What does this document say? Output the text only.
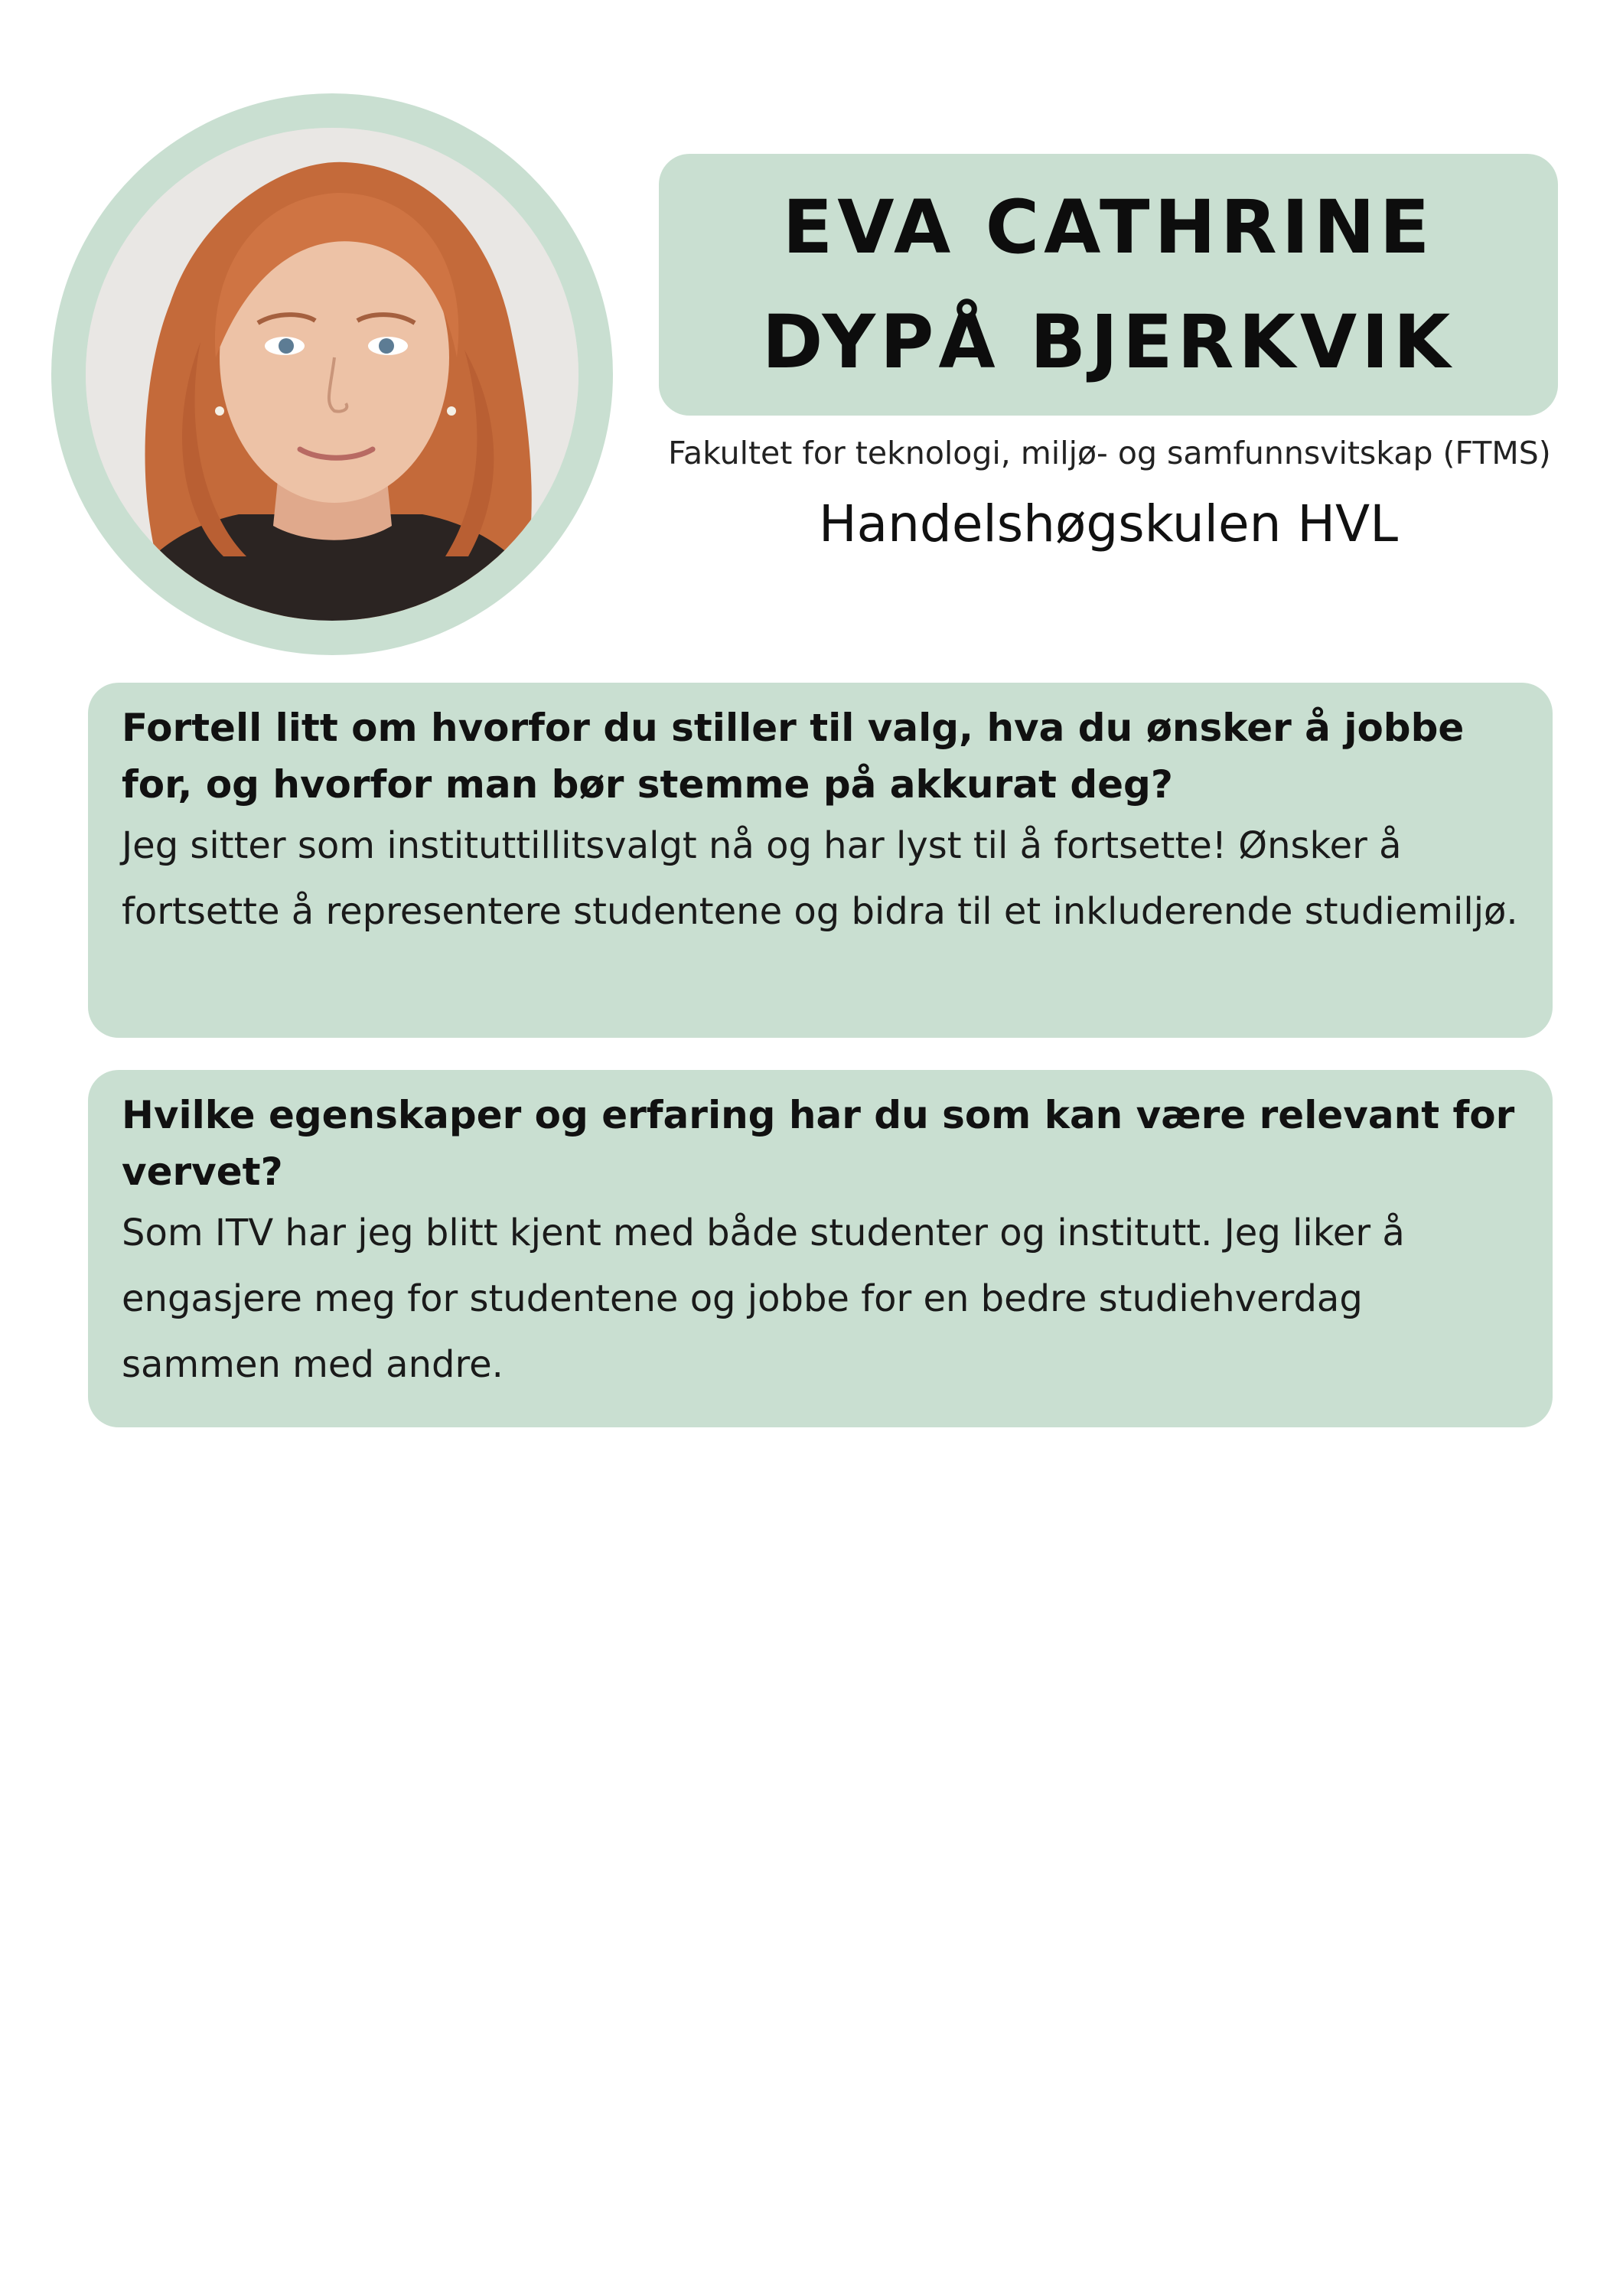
EVA CATHRINE
DYPÅ BJERKVIK
Fakultet for teknologi, miljø- og samfunnsvitskap (FTMS)
Handelshøgskulen HVL

Fortell litt om hvorfor du stiller til valg, hva du ønsker å jobbe for, og hvorfor man bør stemme på akkurat deg?

Jeg sitter som instituttillitsvalgt nå og har lyst til å fortsette! Ønsker å fortsette å representere studentene og bidra til et inkluderende studiemiljø.

Hvilke egenskaper og erfaring har du som kan være relevant for vervet?

Som ITV har jeg blitt kjent med både studenter og institutt. Jeg liker å engasjere meg for studentene og jobbe for en bedre studiehverdag sammen med andre.
